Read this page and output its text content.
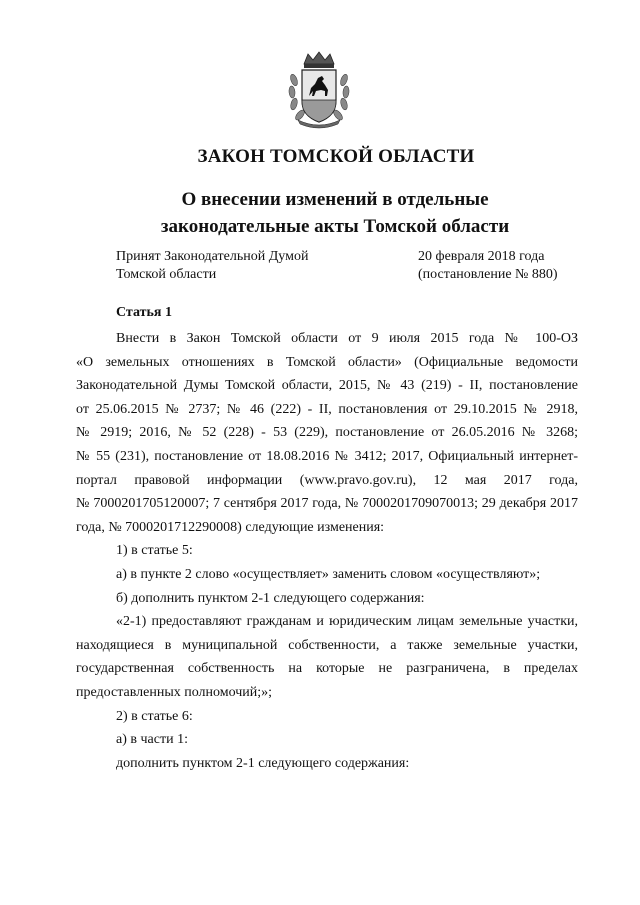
ЗАКОН ТОМСКОЙ ОБЛАСТИ
О внесении изменений в отдельные
законодательные акты Томской области
Принят Законодательной Думой
Томской области
20 февраля 2018 года
(постановление № 880)
Статья 1
Внести в Закон Томской области от 9 июля 2015 года № 100-ОЗ
«О земельных отношениях в Томской области» (Официальные ведомости
Законодательной Думы Томской области, 2015, № 43 (219) - II, постановление
от 25.06.2015 № 2737; № 46 (222) - II, постановления от 29.10.2015 № 2918,
№ 2919; 2016, № 52 (228) - 53 (229), постановление от 26.05.2016 № 3268;
№ 55 (231), постановление от 18.08.2016 № 3412; 2017, Официальный интернет-
портал правовой информации (www.pravo.gov.ru), 12 мая 2017 года,
№ 7000201705120007; 7 сентября 2017 года, № 7000201709070013; 29 декабря 2017
года, № 7000201712290008) следующие изменения:
1) в статье 5:
а) в пункте 2 слово «осуществляет» заменить словом «осуществляют»;
б) дополнить пунктом 2-1 следующего содержания:
«2-1) предоставляют гражданам и юридическим лицам земельные участки,
находящиеся в муниципальной собственности, а также земельные участки,
государственная собственность на которые не разграничена, в пределах
предоставленных полномочий;»;
2) в статье 6:
а) в части 1:
дополнить пунктом 2-1 следующего содержания:
